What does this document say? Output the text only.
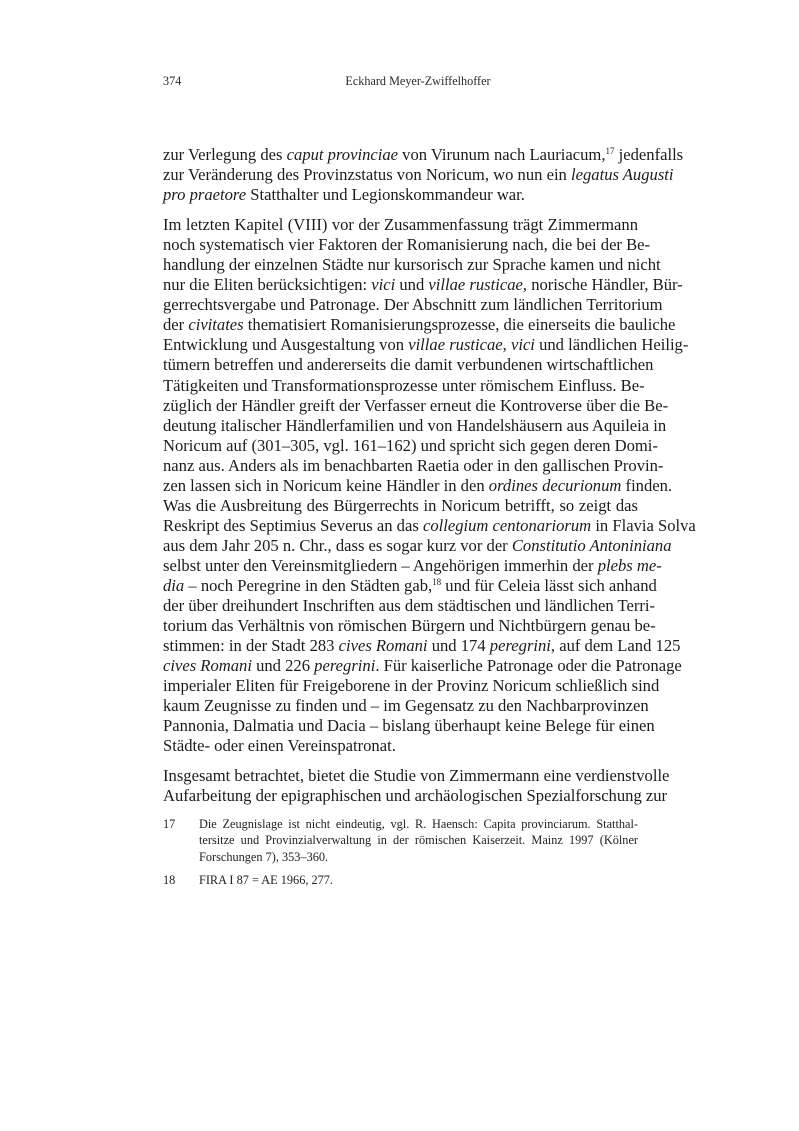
374	Eckhard Meyer-Zwiffelhoffer

zur Verlegung des caput provinciae von Virunum nach Lauriacum,$^{17}$ jedenfalls
zur Veränderung des Provinzstatus von Noricum, wo nun ein legatus Augusti
pro praetore Statthalter und Legionskommandeur war.

Im letzten Kapitel (VIII) vor der Zusammenfassung trägt Zimmermann
noch systematisch vier Faktoren der Romanisierung nach, die bei der Be-
handlung der einzelnen Städte nur kursorisch zur Sprache kamen und nicht
nur die Eliten berücksichtigen: vici und villae rusticae, norische Händler, Bür-
gerrechtsvergabe und Patronage. Der Abschnitt zum ländlichen Territorium
der civitates thematisiert Romanisierungsprozesse, die einerseits die bauliche
Entwicklung und Ausgestaltung von villae rusticae, vici und ländlichen Heilig-
tümern betreffen und andererseits die damit verbundenen wirtschaftlichen
Tätigkeiten und Transformationsprozesse unter römischem Einfluss. Be-
züglich der Händler greift der Verfasser erneut die Kontroverse über die Be-
deutung italischer Händlerfamilien und von Handelshäusern aus Aquileia in
Noricum auf (301–305, vgl. 161–162) und spricht sich gegen deren Domi-
nanz aus. Anders als im benachbarten Raetia oder in den gallischen Provin-
zen lassen sich in Noricum keine Händler in den ordines decurionum finden.
Was die Ausbreitung des Bürgerrechts in Noricum betrifft, so zeigt das
Reskript des Septimius Severus an das collegium centonariorum in Flavia Solva
aus dem Jahr 205 n. Chr., dass es sogar kurz vor der Constitutio Antoniniana
selbst unter den Vereinsmitgliedern – Angehörigen immerhin der plebs me-
dia – noch Peregrine in den Städten gab,$^{18}$ und für Celeia lässt sich anhand
der über dreihundert Inschriften aus dem städtischen und ländlichen Terri-
torium das Verhältnis von römischen Bürgern und Nichtbürgern genau be-
stimmen: in der Stadt 283 cives Romani und 174 peregrini, auf dem Land 125
cives Romani und 226 peregrini. Für kaiserliche Patronage oder die Patronage
imperialer Eliten für Freigeborene in der Provinz Noricum schließlich sind
kaum Zeugnisse zu finden und – im Gegensatz zu den Nachbarprovinzen
Pannonia, Dalmatia und Dacia – bislang überhaupt keine Belege für einen
Städte- oder einen Vereinspatronat.

Insgesamt betrachtet, bietet die Studie von Zimmermann eine verdienstvolle
Aufarbeitung der epigraphischen und archäologischen Spezialforschung zur

17	Die Zeugnislage ist nicht eindeutig, vgl. R. Haensch: Capita provinciarum. Statthal-
tersitze und Provinzialverwaltung in der römischen Kaiserzeit. Mainz 1997 (Kölner
Forschungen 7), 353–360.
18	FIRA I 87 = AE 1966, 277.
